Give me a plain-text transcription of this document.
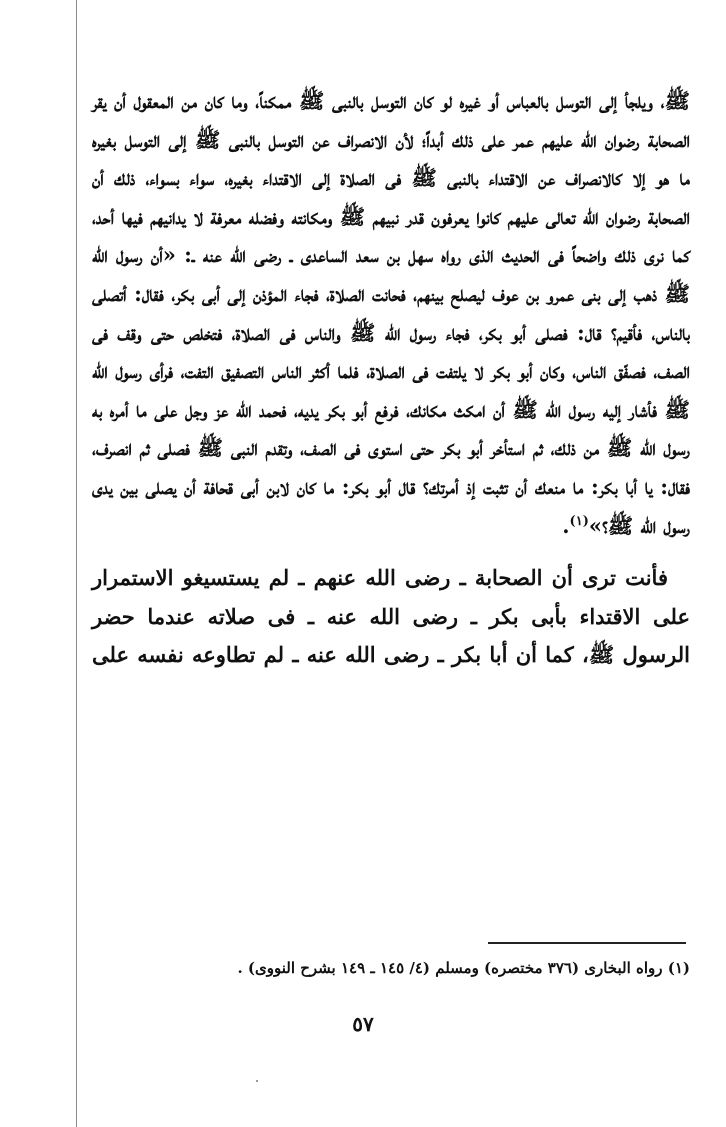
ﷺ، ويلجأ إلى التوسل بالعباس أو غيره لو كان التوسل بالنبى ﷺ ممكناً، وما كان من المعقول أن يقر الصحابة رضوان الله عليهم عمر على ذلك أبداً؛ لأن الانصراف عن التوسل بالنبى ﷺ إلى التوسل بغيره ما هو إلا كالانصراف عن الاقتداء بالنبى ﷺ فى الصلاة إلى الاقتداء بغيره، سواء بسواء، ذلك أن الصحابة رضوان الله تعالى عليهم كانوا يعرفون قدر نبيهم ﷺ ومكانته وفضله معرفة لا يدانيهم فيها أحد، كما نرى ذلك واضحاً فى الحديث الذى رواه سهل بن سعد الساعدى ـ رضى الله عنه ـ: «أن رسول الله ﷺ ذهب إلى بنى عمرو بن عوف ليصلح بينهم، فحانت الصلاة، فجاء المؤذن إلى أبى بكر، فقال: أتصلى بالناس، فأقيم؟ قال: فصلى أبو بكر، فجاء رسول الله ﷺ والناس فى الصلاة، فتخلص حتى وقف فى الصف، فصفّق الناس، وكان أبو بكر لا يلتفت فى الصلاة، فلما أكثر الناس التصفيق التفت، فرأى رسول الله ﷺ فأشار إليه رسول الله ﷺ أن امكث مكانك، فرفع أبو بكر يديه، فحمد الله عز وجل على ما أمره به رسول الله ﷺ من ذلك، ثم استأخر أبو بكر حتى استوى فى الصف، وتقدم النبى ﷺ فصلى ثم انصرف، فقال: يا أبا بكر: ما منعك أن تثبت إذ أمرتك؟ قال أبو بكر: ما كان لابن أبى قحافة أن يصلى بين يدى رسول الله ﷺ؟»$^{(١)}$.

فأنت ترى أن الصحابة ـ رضى الله عنهم ـ لم يستسيغو الاستمرار على الاقتداء بأبى بكر ـ رضى الله عنه ـ فى صلاته عندما حضر الرسول ﷺ، كما أن أبا بكر ـ رضى الله عنه ـ لم تطاوعه نفسه على

(١) رواه البخارى (٣٧٦ مختصره) ومسلم (٤/ ١٤٥ ـ ١٤٩ بشرح النووى) .
٥٧
